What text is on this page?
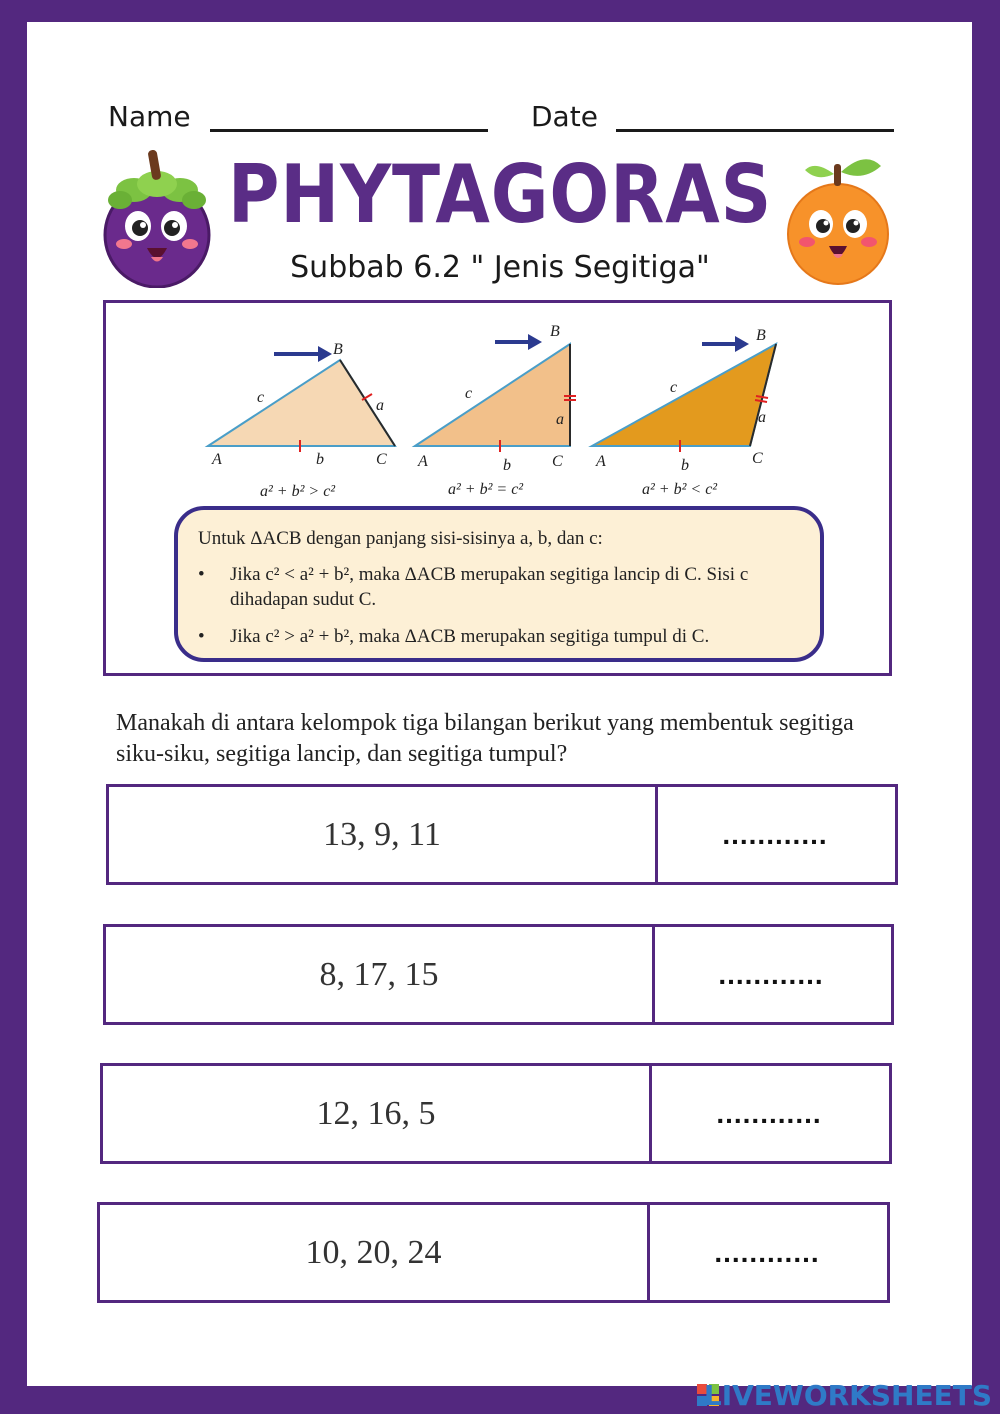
Name	Date
PHYTAGORAS
Subbab 6.2 " Jenis Segitiga"
B
c	a
b
A	C
a² + b² > c²
B
c
a
b
A	C
a² + b² = c²
B
c
a
b
A	C
a² + b² < c²
Untuk ΔACB dengan panjang sisi-sisinya a, b, dan c:
• Jika c² < a² + b², maka ΔACB merupakan segitiga lancip di C. Sisi c dihadapan sudut C.
• Jika c² > a² + b², maka ΔACB merupakan segitiga tumpul di C.
Manakah di antara kelompok tiga bilangan berikut yang membentuk segitiga siku-siku, segitiga lancip, dan segitiga tumpul?
13, 9, 11	............
8, 17, 15	............
12, 16, 5	............
10, 20, 24	............
LIVEWORKSHEETS
